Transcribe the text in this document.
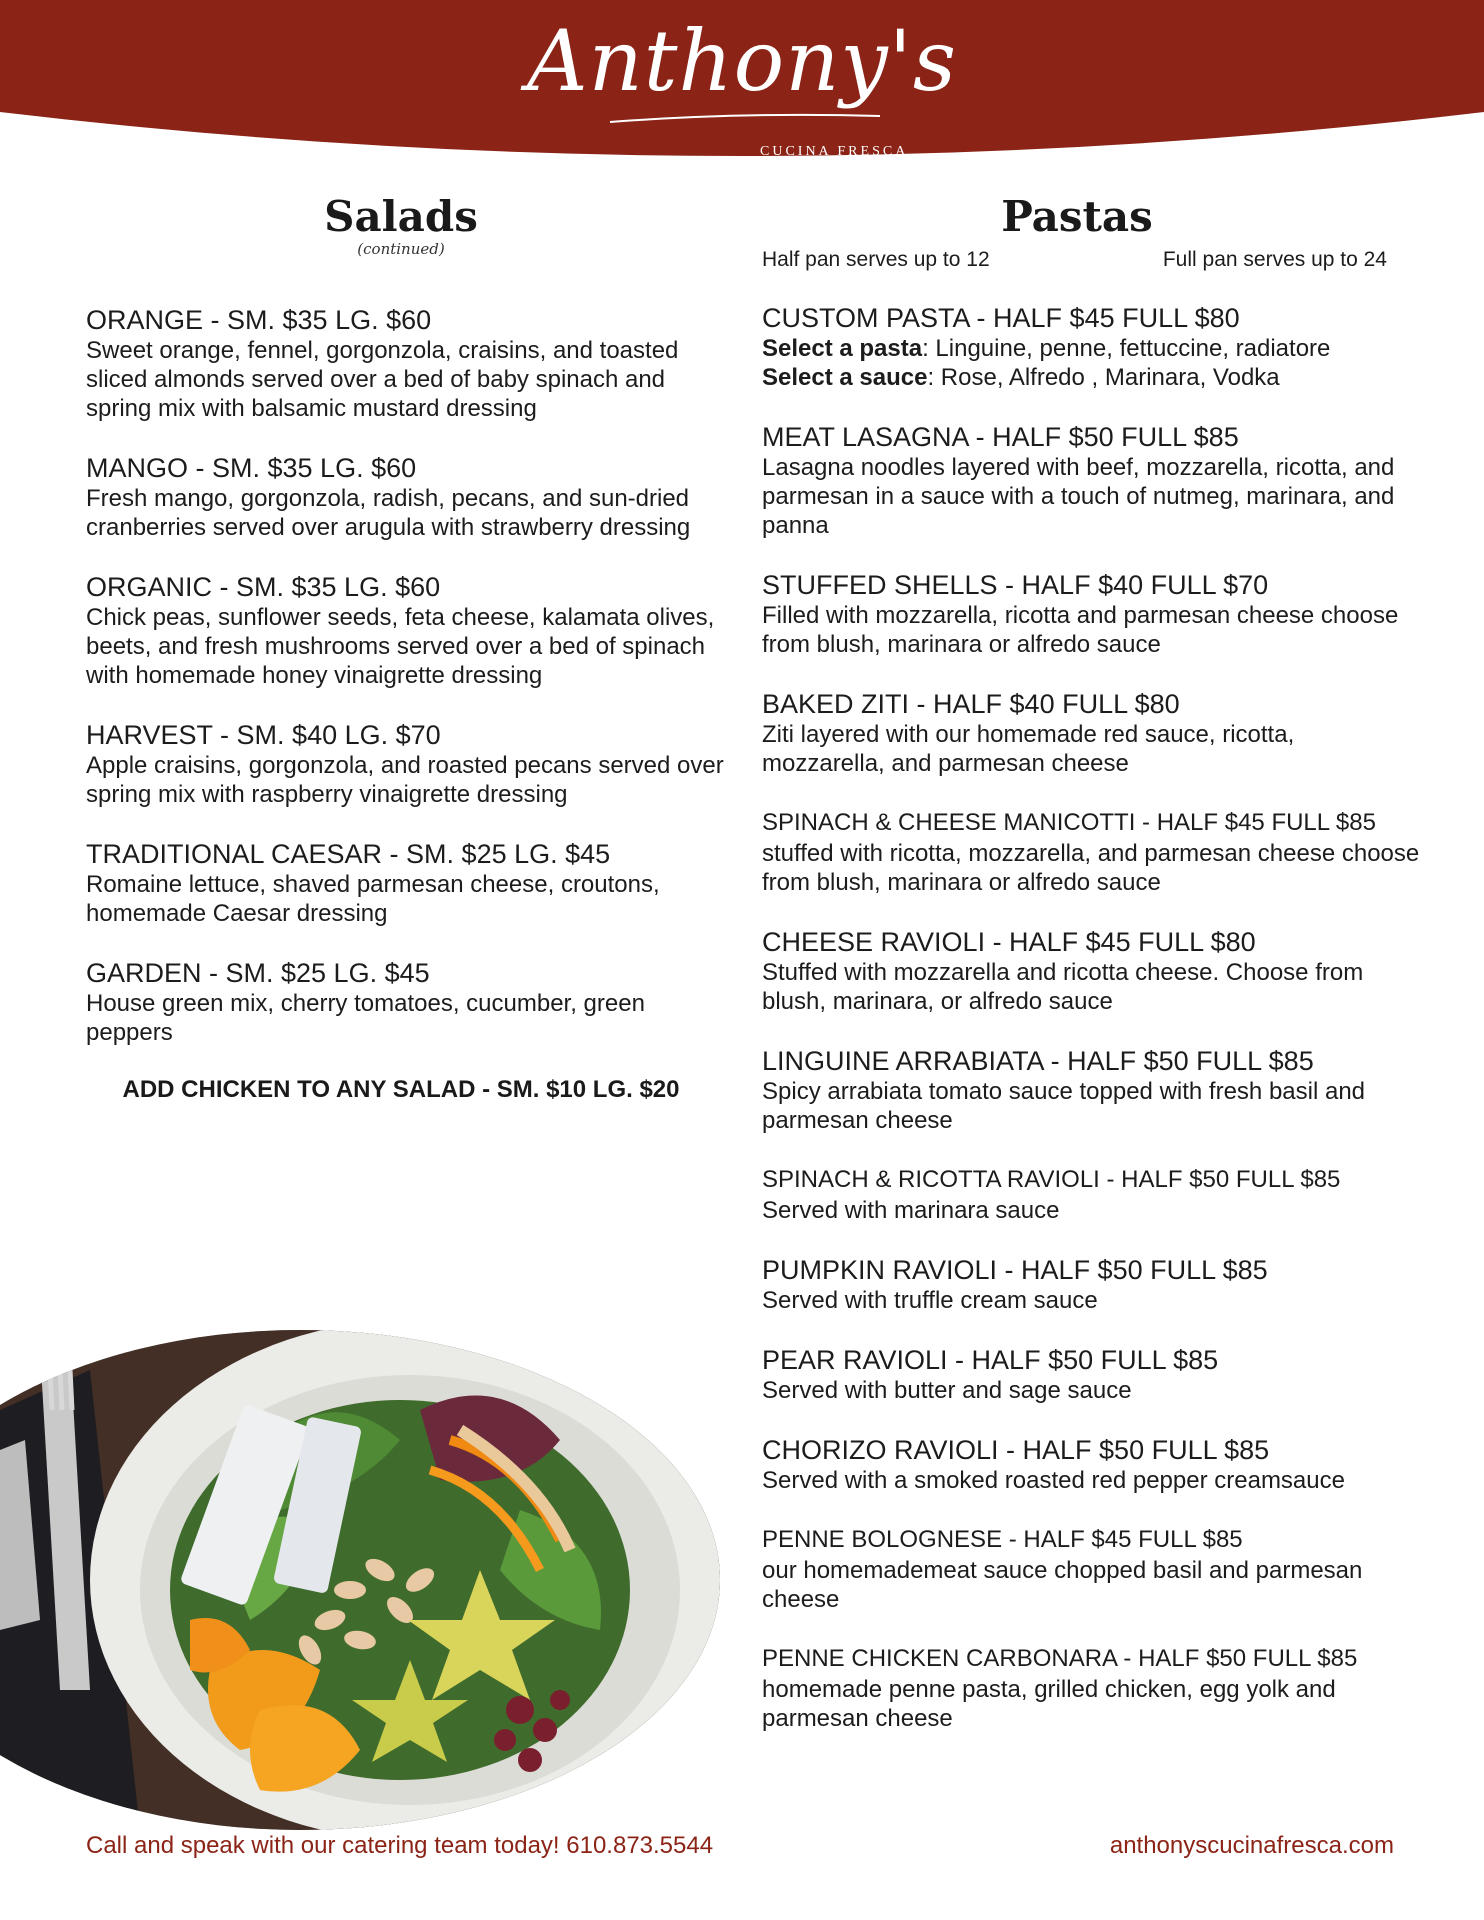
Anthony's
CUCINA FRESCA
Salads
(continued)
ORANGE - SM. $35 LG. $60
Sweet orange, fennel, gorgonzola, craisins, and toasted sliced almonds served over a bed of baby spinach and spring mix with balsamic mustard dressing
MANGO - SM. $35 LG. $60
Fresh mango, gorgonzola, radish, pecans, and sun-dried cranberries served over arugula with strawberry dressing
ORGANIC - SM. $35 LG. $60
Chick peas, sunflower seeds, feta cheese, kalamata olives, beets, and fresh mushrooms served over a bed of spinach with homemade honey vinaigrette dressing
HARVEST - SM. $40 LG. $70
Apple craisins, gorgonzola, and roasted pecans served over spring mix with raspberry vinaigrette dressing
TRADITIONAL CAESAR - SM. $25 LG. $45
Romaine lettuce, shaved parmesan cheese, croutons, homemade Caesar dressing
GARDEN - SM. $25 LG. $45
House green mix, cherry tomatoes, cucumber, green peppers
ADD CHICKEN TO ANY SALAD - SM. $10 LG. $20
Pastas
Half pan serves up to 12	Full pan serves up to 24
CUSTOM PASTA - HALF $45 FULL $80
Select a pasta: Linguine, penne, fettuccine, radiatore
Select a sauce: Rose, Alfredo , Marinara, Vodka
MEAT LASAGNA - HALF $50 FULL $85
Lasagna noodles layered with beef, mozzarella, ricotta, and parmesan in a sauce with a touch of nutmeg, marinara, and panna
STUFFED SHELLS - HALF $40 FULL $70
Filled with mozzarella, ricotta and parmesan cheese choose from blush, marinara or alfredo sauce
BAKED ZITI - HALF $40 FULL $80
Ziti layered with our homemade red sauce, ricotta, mozzarella, and parmesan cheese
SPINACH & CHEESE MANICOTTI - HALF $45 FULL $85
stuffed with ricotta, mozzarella, and parmesan cheese choose from blush, marinara or alfredo sauce
CHEESE RAVIOLI - HALF $45 FULL $80
Stuffed with mozzarella and ricotta cheese. Choose from blush, marinara, or alfredo sauce
LINGUINE ARRABIATA - HALF $50 FULL $85
Spicy arrabiata tomato sauce topped with fresh basil and parmesan cheese
SPINACH & RICOTTA RAVIOLI - HALF $50 FULL $85
Served with marinara sauce
PUMPKIN RAVIOLI - HALF $50 FULL $85
Served with truffle cream sauce
PEAR RAVIOLI - HALF $50 FULL $85
Served with butter and sage sauce
CHORIZO RAVIOLI - HALF $50 FULL $85
Served with a smoked roasted red pepper creamsauce
PENNE BOLOGNESE - HALF $45 FULL $85
our homemademeat sauce chopped basil and parmesan cheese
PENNE CHICKEN CARBONARA - HALF $50 FULL $85
homemade penne pasta, grilled chicken, egg yolk and parmesan cheese
Call and speak with our catering team today! 610.873.5544	anthonyscucinafresca.com
